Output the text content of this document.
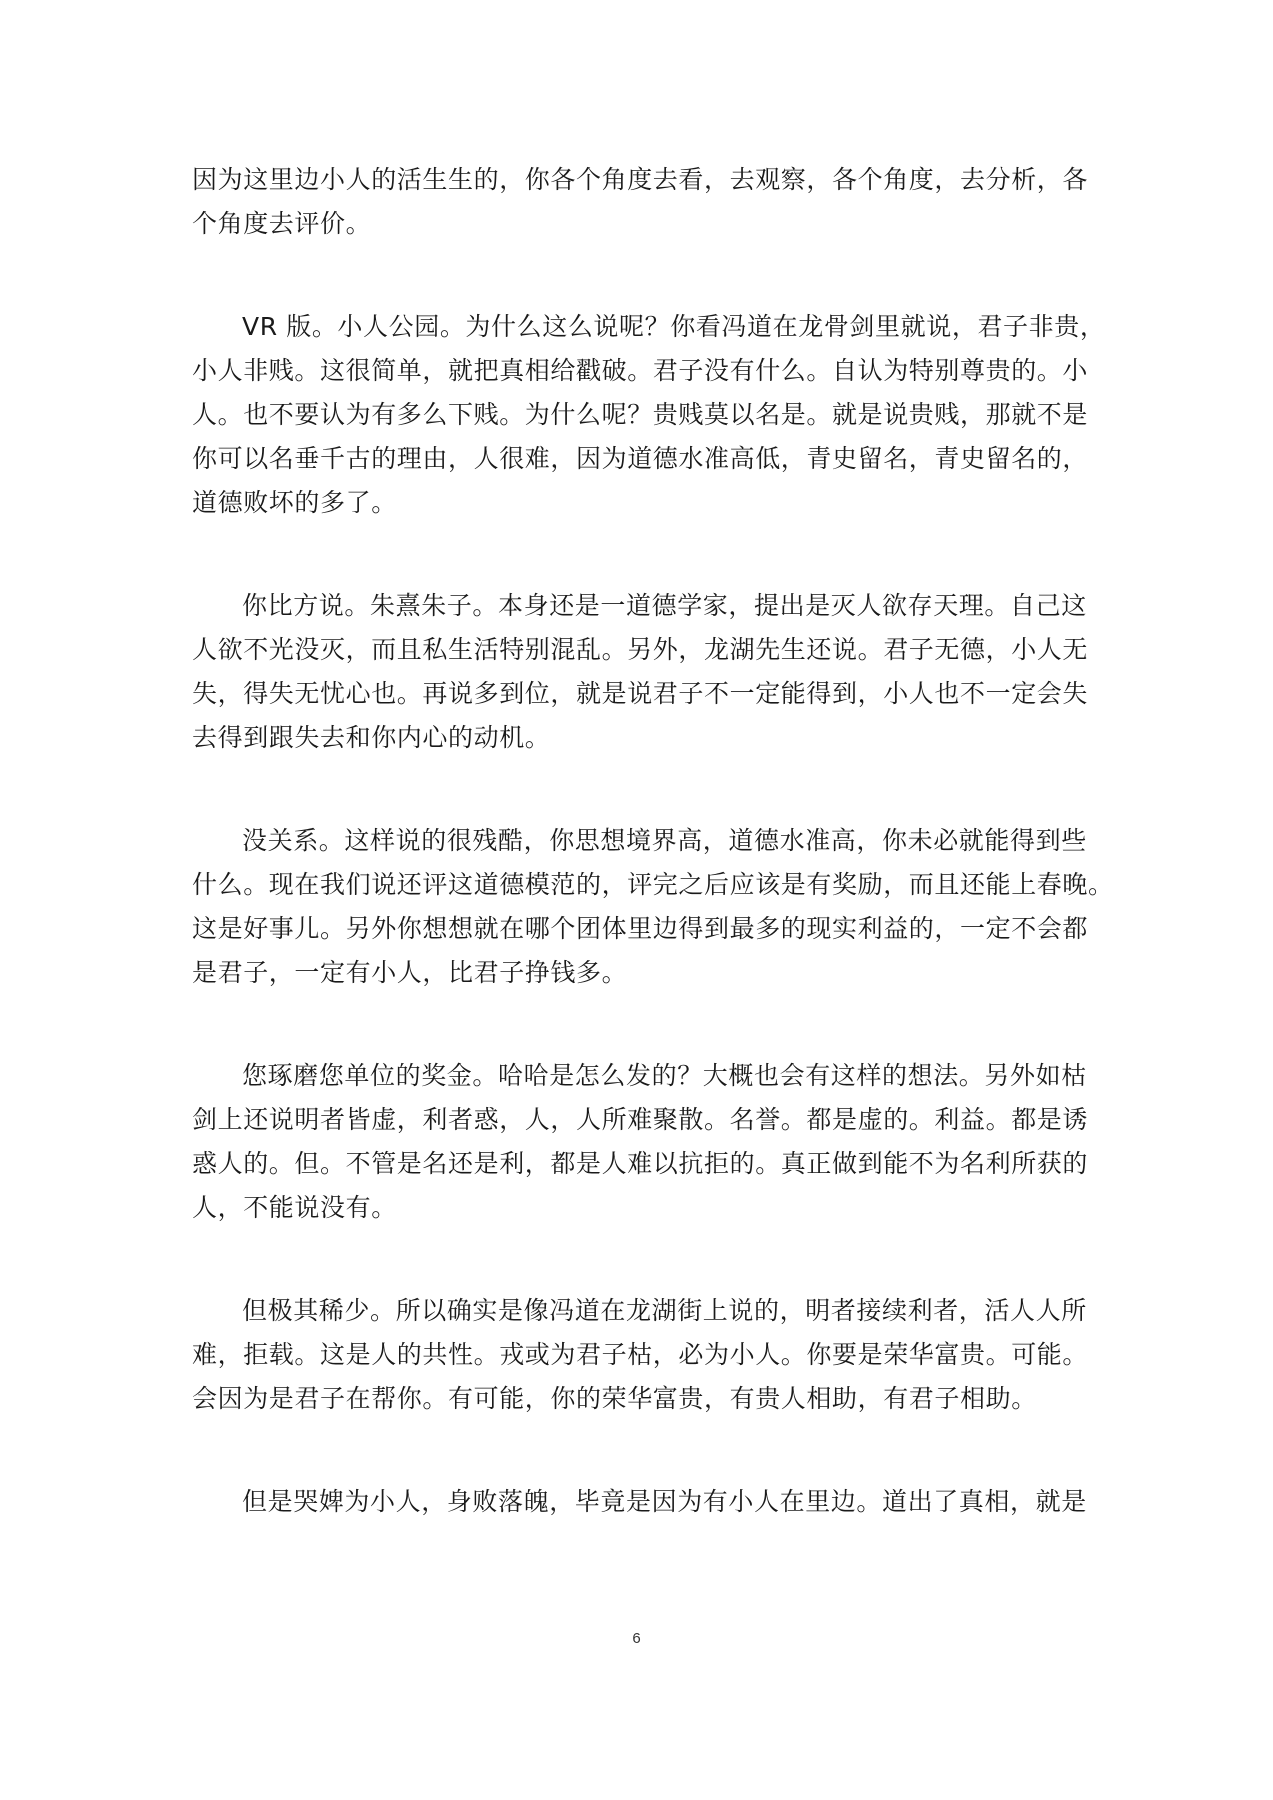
因为这里边小人的活生生的，你各个角度去看，去观察，各个角度，去分析，各
个角度去评价。
VR 版。小人公园。为什么这么说呢？你看冯道在龙骨剑里就说，君子非贵，
小人非贱。这很简单，就把真相给戳破。君子没有什么。自认为特别尊贵的。小
人。也不要认为有多么下贱。为什么呢？贵贱莫以名是。就是说贵贱，那就不是
你可以名垂千古的理由，人很难，因为道德水准高低，青史留名，青史留名的，
道德败坏的多了。
你比方说。朱熹朱子。本身还是一道德学家，提出是灭人欲存天理。自己这
人欲不光没灭，而且私生活特别混乱。另外，龙湖先生还说。君子无德，小人无
失，得失无忧心也。再说多到位，就是说君子不一定能得到，小人也不一定会失
去得到跟失去和你内心的动机。
没关系。这样说的很残酷，你思想境界高，道德水准高，你未必就能得到些
什么。现在我们说还评这道德模范的，评完之后应该是有奖励，而且还能上春晚。
这是好事儿。另外你想想就在哪个团体里边得到最多的现实利益的，一定不会都
是君子，一定有小人，比君子挣钱多。
您琢磨您单位的奖金。哈哈是怎么发的？大概也会有这样的想法。另外如枯
剑上还说明者皆虚，利者惑，人，人所难聚散。名誉。都是虚的。利益。都是诱
惑人的。但。不管是名还是利，都是人难以抗拒的。真正做到能不为名利所获的
人，不能说没有。
但极其稀少。所以确实是像冯道在龙湖街上说的，明者接续利者，活人人所
难，拒载。这是人的共性。戎或为君子枯，必为小人。你要是荣华富贵。可能。
会因为是君子在帮你。有可能，你的荣华富贵，有贵人相助，有君子相助。
但是哭婢为小人，身败落魄，毕竟是因为有小人在里边。道出了真相，就是
6
